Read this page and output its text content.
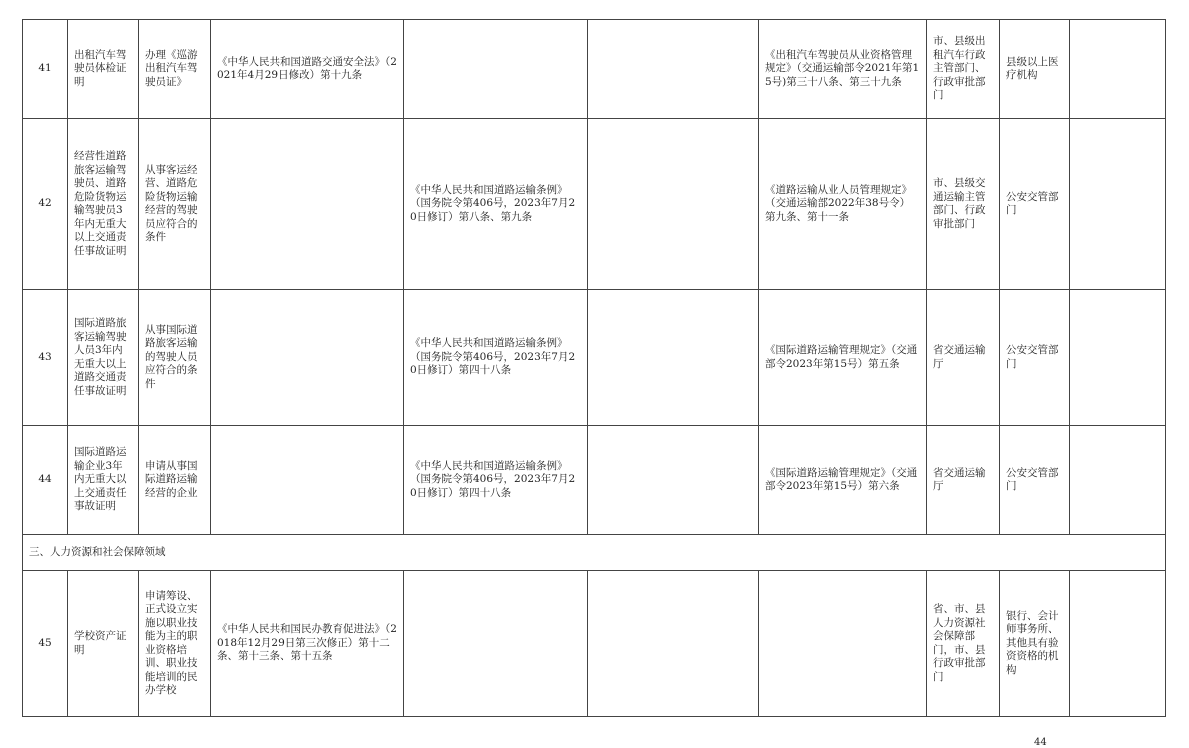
41	出租汽车驾驶员体检证明	办理《巡游出租汽车驾驶员证》	《中华人民共和国道路交通安全法》（2021年4月29日修改）第十九条			《出租汽车驾驶员从业资格管理规定》（交通运输部令2021年第15号)第三十八条、第三十九条	市、县级出租汽车行政主管部门、行政审批部门	县级以上医疗机构	
42	经营性道路旅客运输驾驶员、道路危险货物运输驾驶员3年内无重大以上交通责任事故证明	从事客运经营、道路危险货物运输经营的驾驶员应符合的条件		《中华人民共和国道路运输条例》（国务院令第406号，2023年7月20日修订）第八条、第九条		《道路运输从业人员管理规定》（交通运输部2022年38号令）第九条、第十一条	市、县级交通运输主管部门、行政审批部门	公安交管部门	
43	国际道路旅客运输驾驶人员3年内无重大以上道路交通责任事故证明	从事国际道路旅客运输的驾驶人员应符合的条件		《中华人民共和国道路运输条例》（国务院令第406号，2023年7月20日修订）第四十八条		《国际道路运输管理规定》（交通部令2023年第15号）第五条	省交通运输厅	公安交管部门	
44	国际道路运输企业3年内无重大以上交通责任事故证明	申请从事国际道路运输经营的企业		《中华人民共和国道路运输条例》（国务院令第406号，2023年7月20日修订）第四十八条		《国际道路运输管理规定》（交通部令2023年第15号）第六条	省交通运输厅	公安交管部门	
三、人力资源和社会保障领域									
45	学校资产证明	申请筹设、正式设立实施以职业技能为主的职业资格培训、职业技能培训的民办学校	《中华人民共和国民办教育促进法》（2018年12月29日第三次修正）第十二条、第十三条、第十五条				省、市、县人力资源社会保障部门，市、县行政审批部门	银行、会计师事务所、其他具有验资资格的机构	
44
